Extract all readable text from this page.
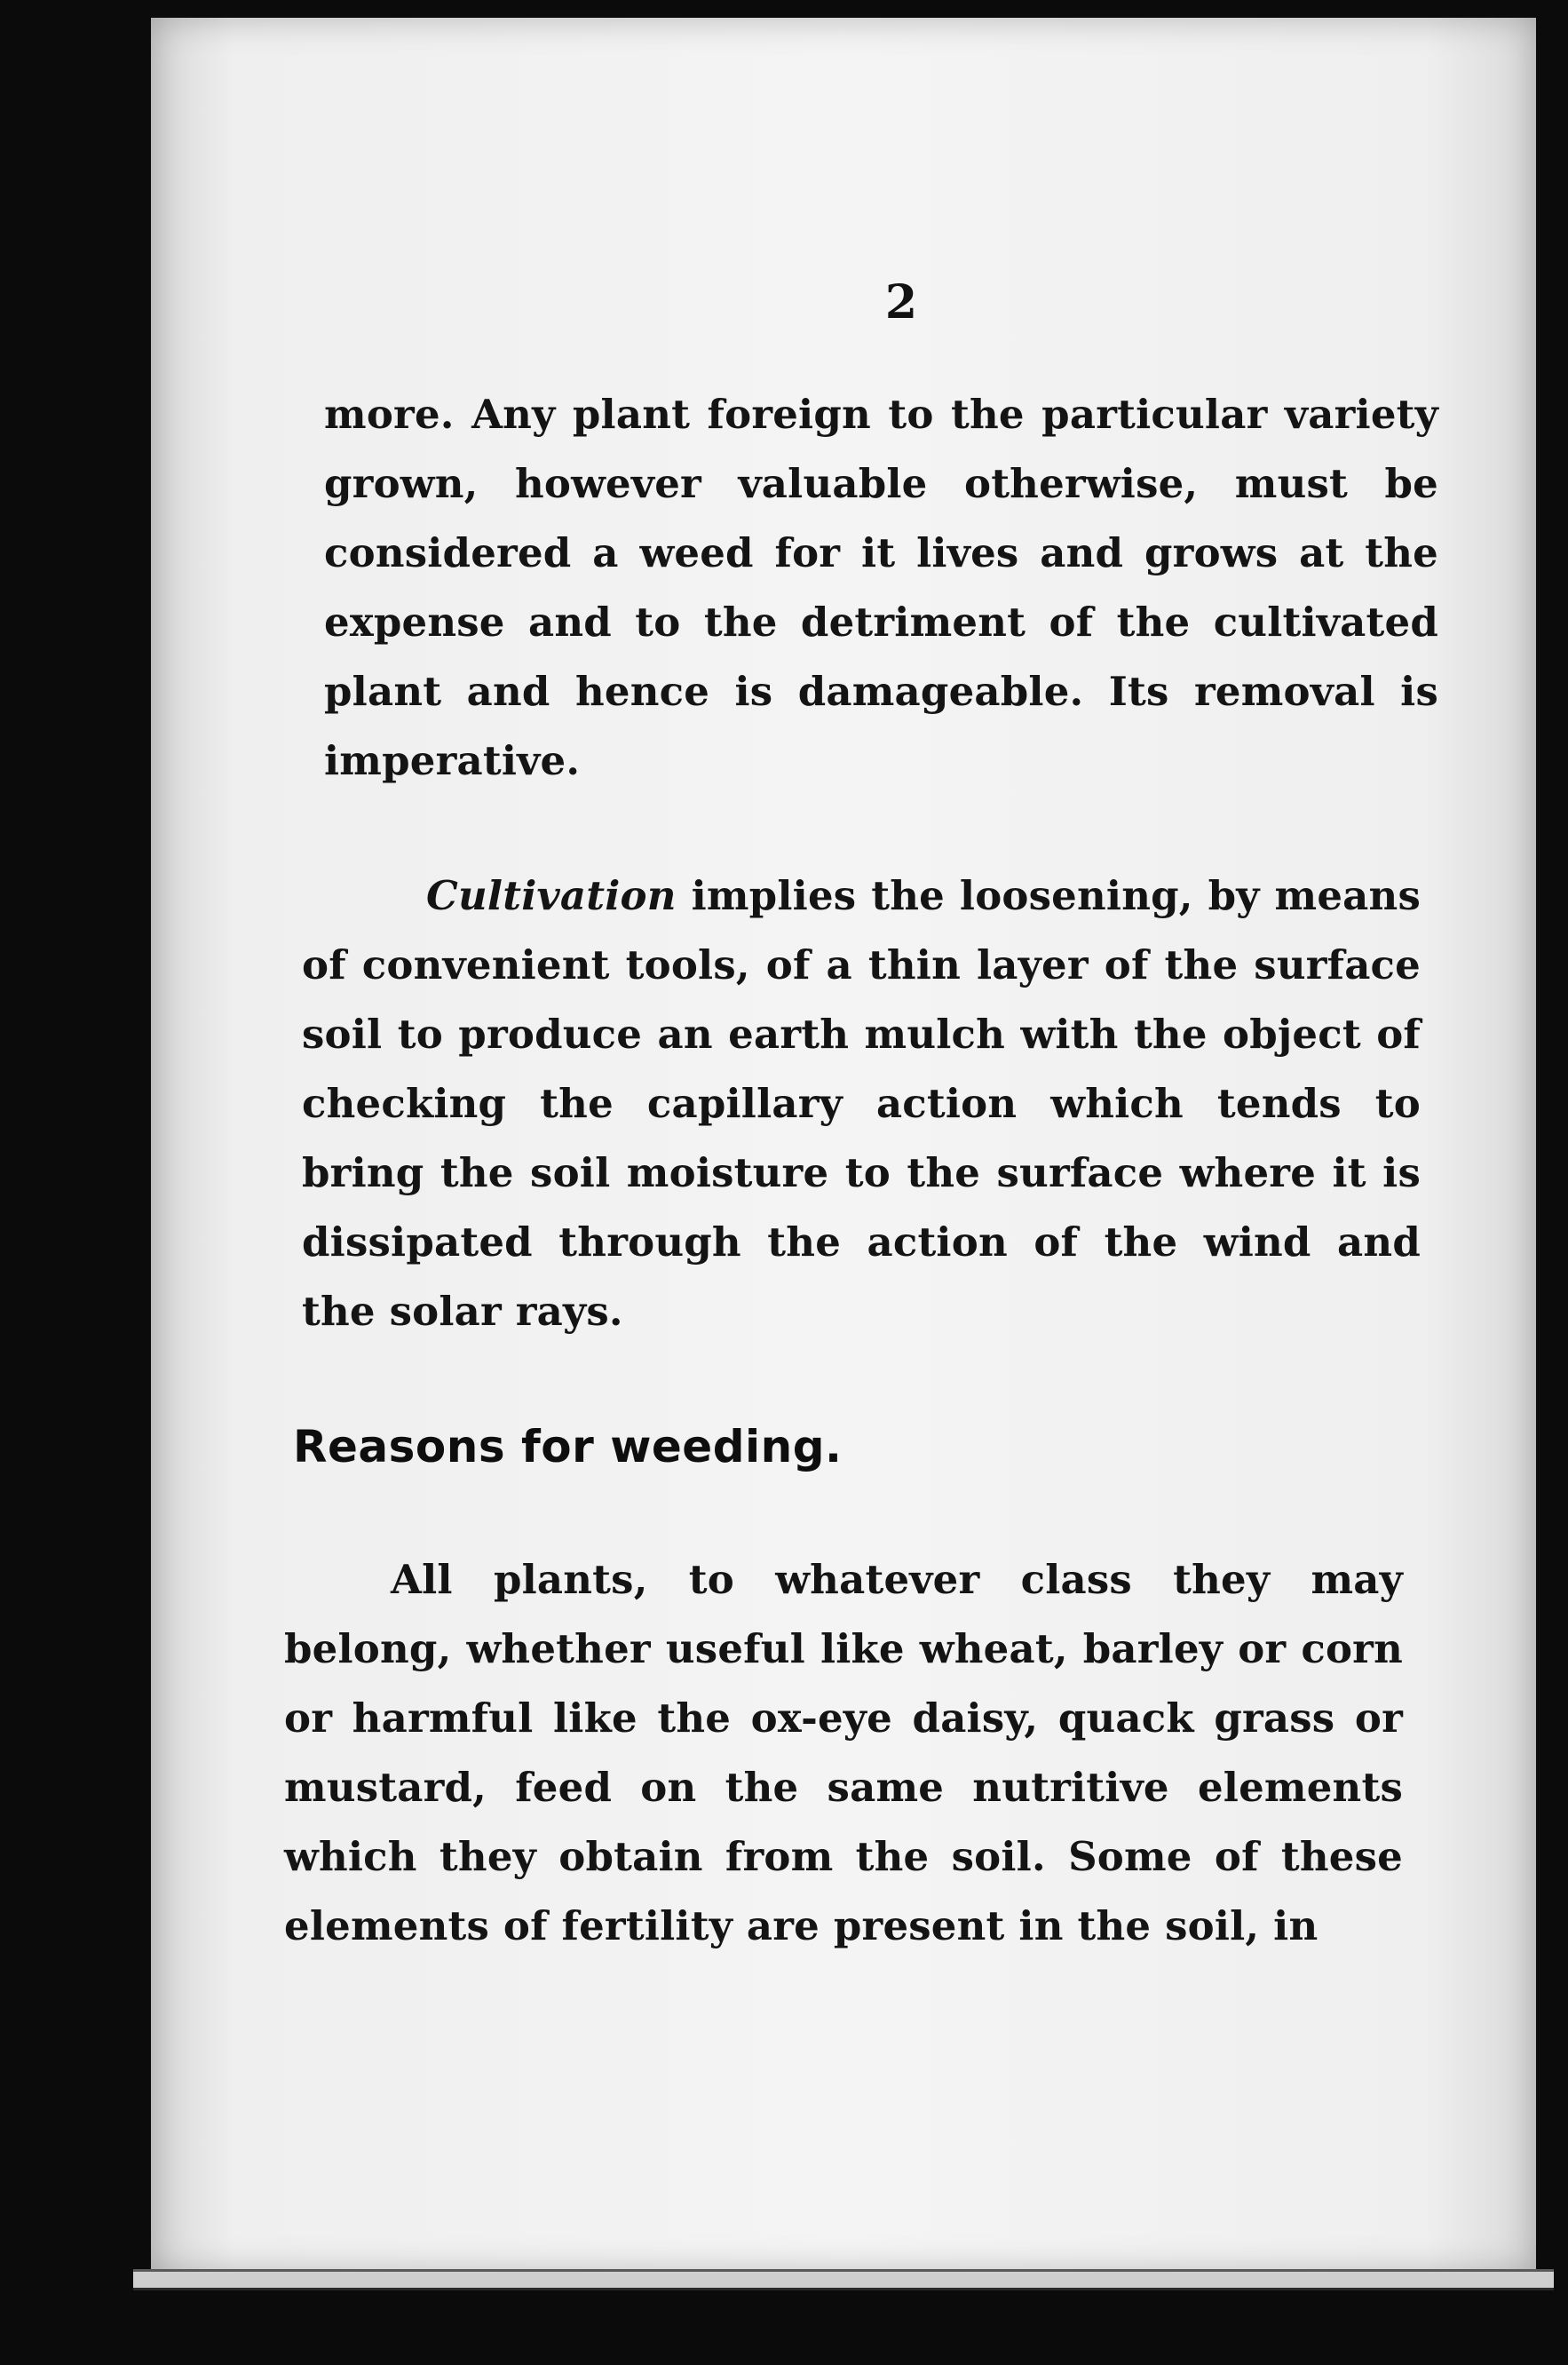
2

more. Any plant foreign to the particular variety grown, however valuable otherwise, must be considered a weed for it lives and grows at the expense and to the detriment of the cultivated plant and hence is damageable. Its removal is imperative.

Cultivation implies the loosening, by means of convenient tools, of a thin layer of the surface soil to produce an earth mulch with the object of checking the capillary action which tends to bring the soil moisture to the surface where it is dissipated through the action of the wind and the solar rays.

Reasons for weeding.

All plants, to whatever class they may belong, whether useful like wheat, barley or corn or harmful like the ox-eye daisy, quack grass or mustard, feed on the same nutritive elements which they obtain from the soil. Some of these elements of fertility are present in the soil, in
